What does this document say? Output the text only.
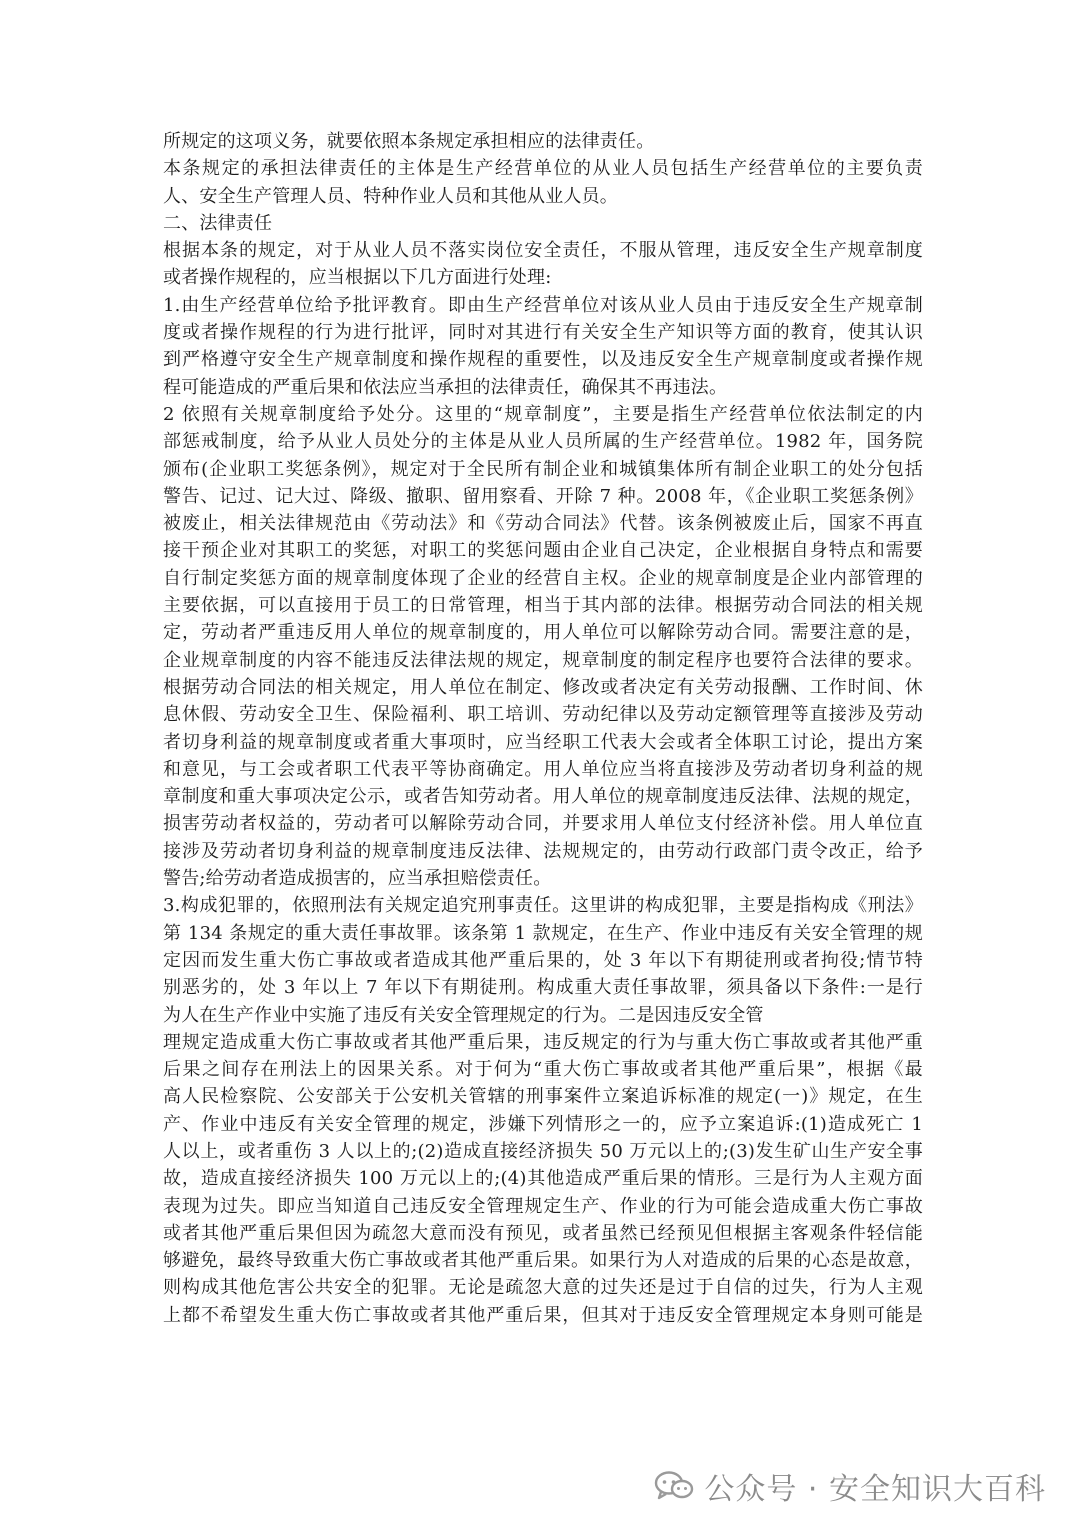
所规定的这项义务，就要依照本条规定承担相应的法律责任。
本条规定的承担法律责任的主体是生产经营单位的从业人员包括生产经营单位的主要负责
人、安全生产管理人员、特种作业人员和其他从业人员。
二、法律责任
根据本条的规定，对于从业人员不落实岗位安全责任，不服从管理，违反安全生产规章制度
或者操作规程的，应当根据以下几方面进行处理:
1.由生产经营单位给予批评教育。即由生产经营单位对该从业人员由于违反安全生产规章制
度或者操作规程的行为进行批评，同时对其进行有关安全生产知识等方面的教育，使其认识
到严格遵守安全生产规章制度和操作规程的重要性，以及违反安全生产规章制度或者操作规
程可能造成的严重后果和依法应当承担的法律责任，确保其不再违法。
2 依照有关规章制度给予处分。这里的“规章制度”，主要是指生产经营单位依法制定的内
部惩戒制度，给予从业人员处分的主体是从业人员所属的生产经营单位。1982 年，国务院
颁布(企业职工奖惩条例》，规定对于全民所有制企业和城镇集体所有制企业职工的处分包括
警告、记过、记大过、降级、撤职、留用察看、开除 7 种。2008 年，《企业职工奖惩条例》
被废止，相关法律规范由《劳动法》和《劳动合同法》代替。该条例被废止后，国家不再直
接干预企业对其职工的奖惩，对职工的奖惩问题由企业自己决定，企业根据自身特点和需要
自行制定奖惩方面的规章制度体现了企业的经营自主权。企业的规章制度是企业内部管理的
主要依据，可以直接用于员工的日常管理，相当于其内部的法律。根据劳动合同法的相关规
定，劳动者严重违反用人单位的规章制度的，用人单位可以解除劳动合同。需要注意的是，
企业规章制度的内容不能违反法律法规的规定，规章制度的制定程序也要符合法律的要求。
根据劳动合同法的相关规定，用人单位在制定、修改或者决定有关劳动报酬、工作时间、休
息休假、劳动安全卫生、保险福利、职工培训、劳动纪律以及劳动定额管理等直接涉及劳动
者切身利益的规章制度或者重大事项时，应当经职工代表大会或者全体职工讨论，提出方案
和意见，与工会或者职工代表平等协商确定。用人单位应当将直接涉及劳动者切身利益的规
章制度和重大事项决定公示，或者告知劳动者。用人单位的规章制度违反法律、法规的规定，
损害劳动者权益的，劳动者可以解除劳动合同，并要求用人单位支付经济补偿。用人单位直
接涉及劳动者切身利益的规章制度违反法律、法规规定的，由劳动行政部门责令改正，给予
警告;给劳动者造成损害的，应当承担赔偿责任。
3.构成犯罪的，依照刑法有关规定追究刑事责任。这里讲的构成犯罪，主要是指构成《刑法》
第 134 条规定的重大责任事故罪。该条第 1 款规定，在生产、作业中违反有关安全管理的规
定因而发生重大伤亡事故或者造成其他严重后果的，处 3 年以下有期徒刑或者拘役;情节特
别恶劣的，处 3 年以上 7 年以下有期徒刑。构成重大责任事故罪，须具备以下条件:一是行
为人在生产作业中实施了违反有关安全管理规定的行为。二是因违反安全管
理规定造成重大伤亡事故或者其他严重后果，违反规定的行为与重大伤亡事故或者其他严重
后果之间存在刑法上的因果关系。对于何为“重大伤亡事故或者其他严重后果”，根据《最
高人民检察院、公安部关于公安机关管辖的刑事案件立案追诉标准的规定(一)》规定，在生
产、作业中违反有关安全管理的规定，涉嫌下列情形之一的，应予立案追诉:(1)造成死亡 1
人以上，或者重伤 3 人以上的;(2)造成直接经济损失 50 万元以上的;(3)发生矿山生产安全事
故，造成直接经济损失 100 万元以上的;(4)其他造成严重后果的情形。三是行为人主观方面
表现为过失。即应当知道自己违反安全管理规定生产、作业的行为可能会造成重大伤亡事故
或者其他严重后果但因为疏忽大意而没有预见，或者虽然已经预见但根据主客观条件轻信能
够避免，最终导致重大伤亡事故或者其他严重后果。如果行为人对造成的后果的心态是故意，
则构成其他危害公共安全的犯罪。无论是疏忽大意的过失还是过于自信的过失，行为人主观
上都不希望发生重大伤亡事故或者其他严重后果，但其对于违反安全管理规定本身则可能是
公众号 · 安全知识大百科
